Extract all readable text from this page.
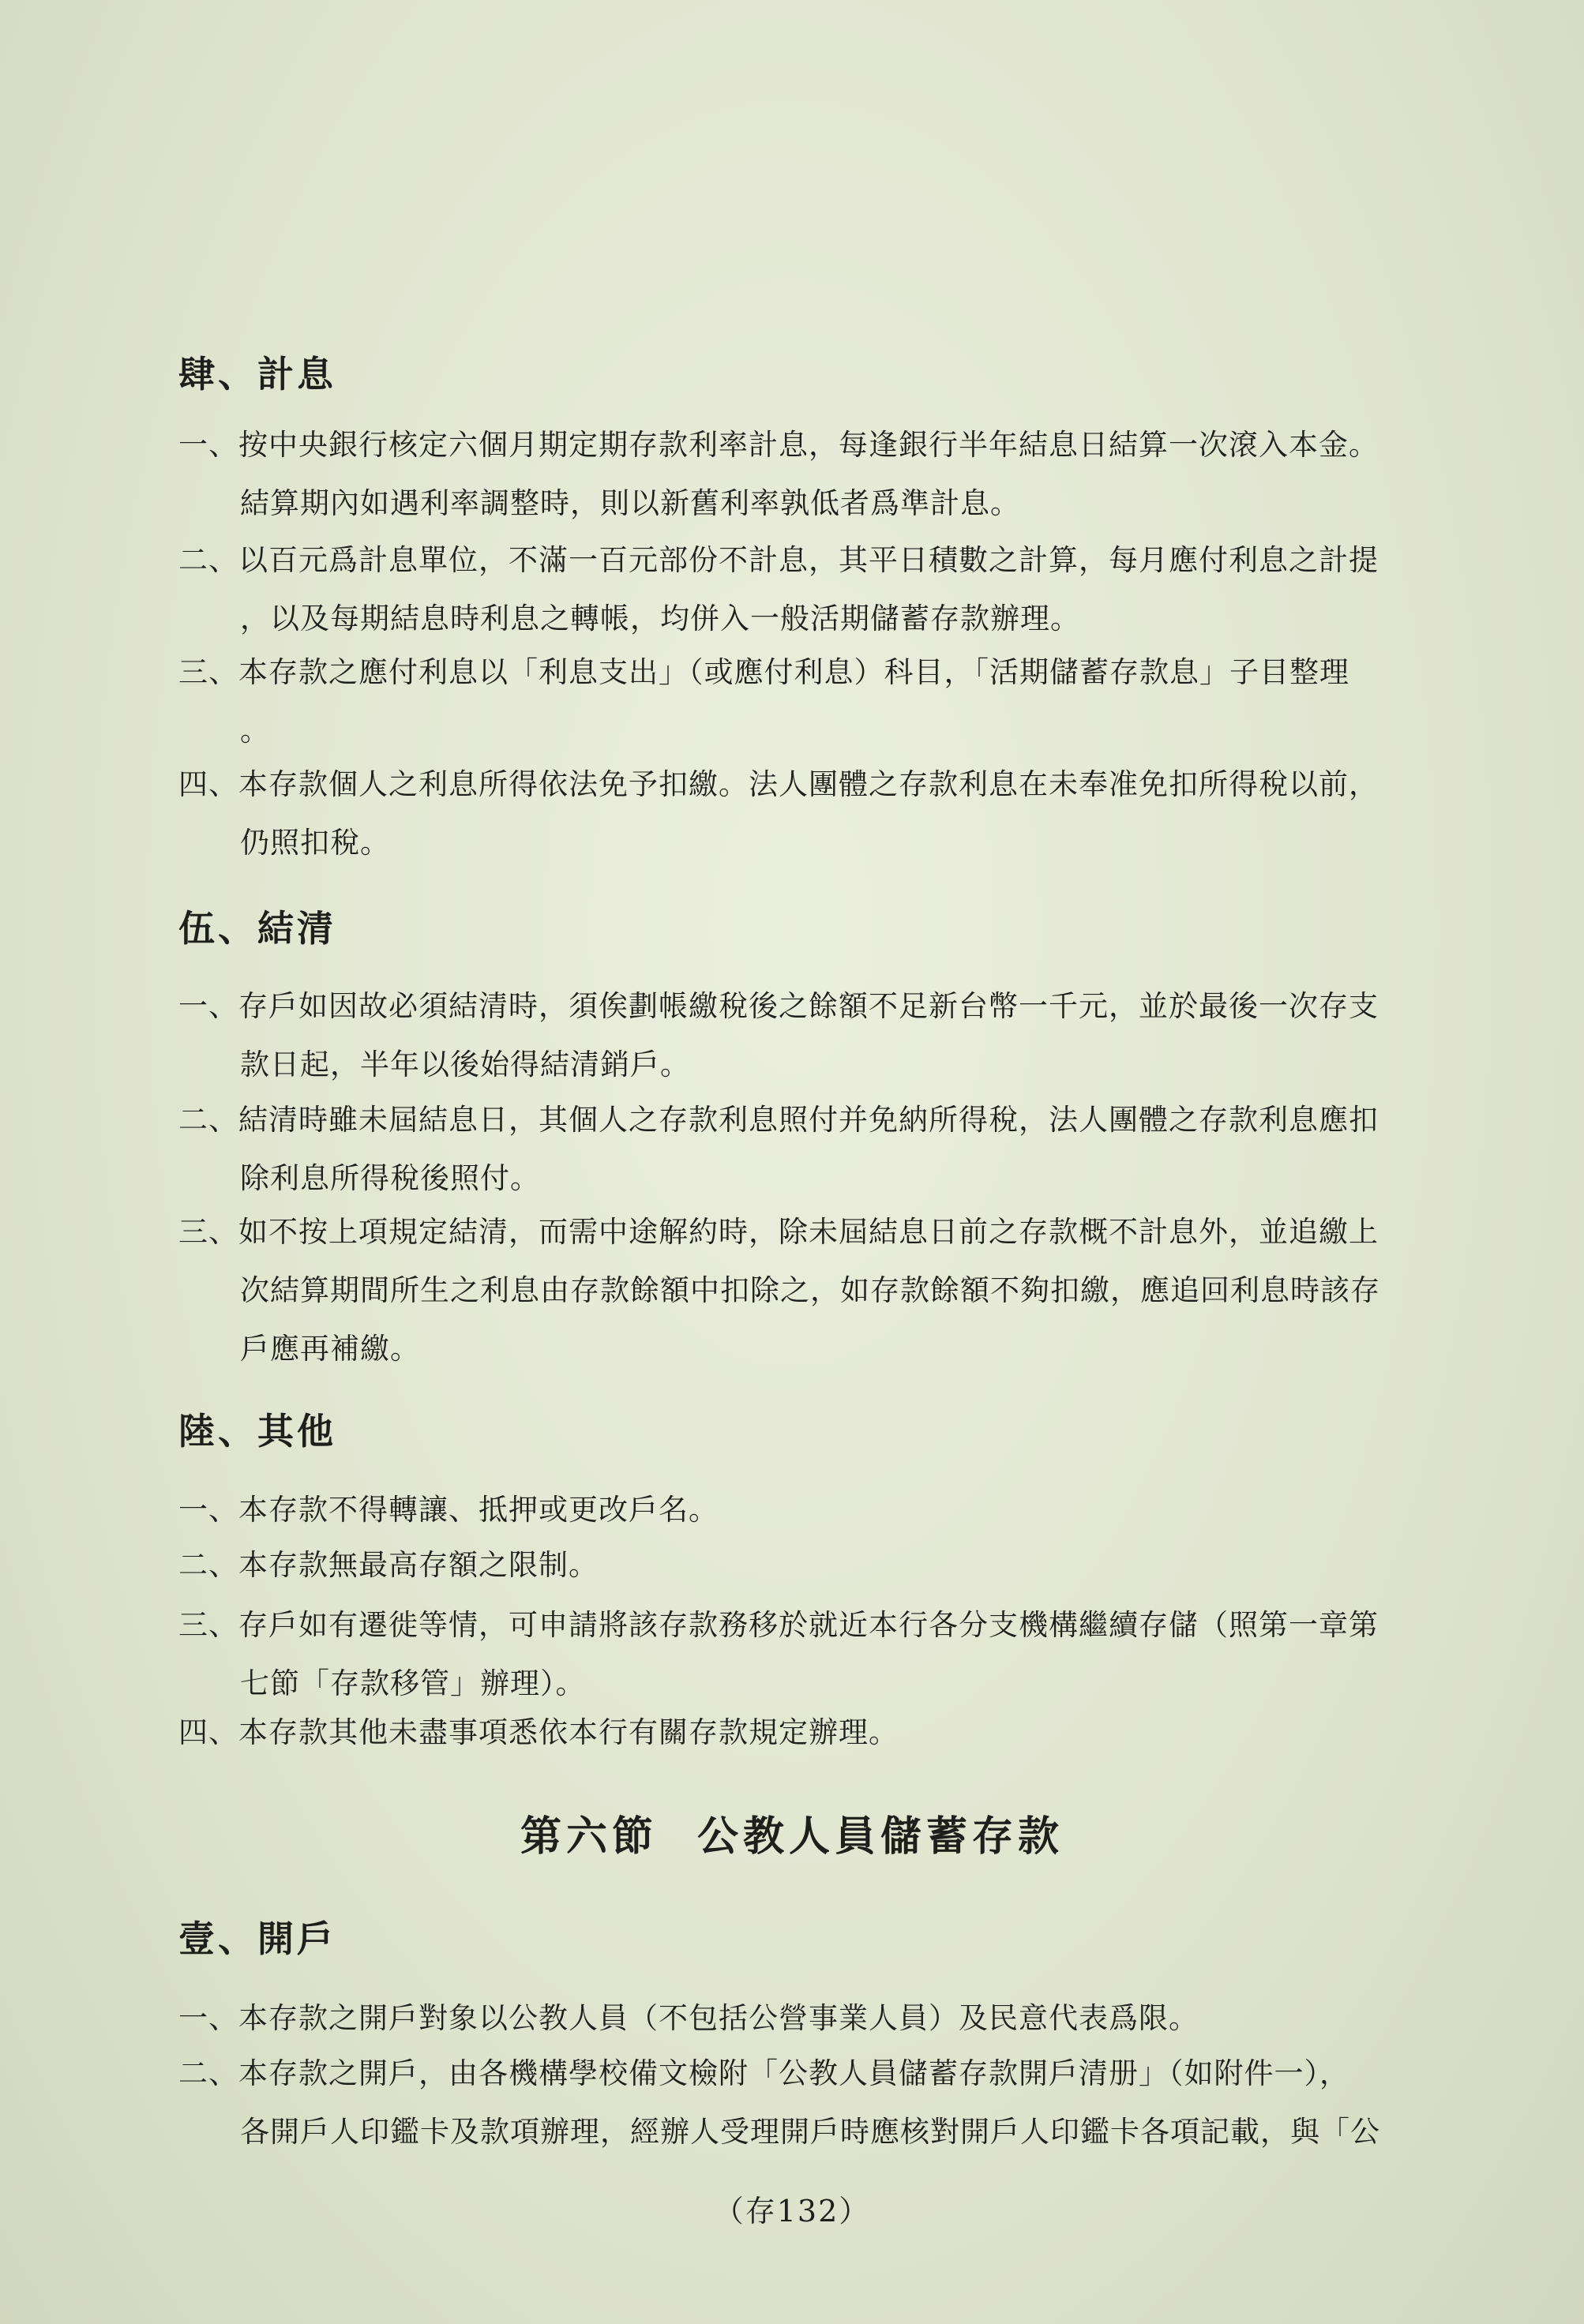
肆、計息
一、按中央銀行核定六個月期定期存款利率計息，每逢銀行半年結息日結算一次滾入本金。
結算期內如遇利率調整時，則以新舊利率孰低者爲準計息。
二、以百元爲計息單位，不滿一百元部份不計息，其平日積數之計算，每月應付利息之計提
，以及每期結息時利息之轉帳，均併入一般活期儲蓄存款辦理。
三、本存款之應付利息以「利息支出」（或應付利息）科目，「活期儲蓄存款息」子目整理
。
四、本存款個人之利息所得依法免予扣繳。法人團體之存款利息在未奉准免扣所得稅以前，
仍照扣稅。
伍、結清
一、存戶如因故必須結清時，須俟劃帳繳稅後之餘額不足新台幣一千元，並於最後一次存支
款日起，半年以後始得結清銷戶。
二、結清時雖未屆結息日，其個人之存款利息照付并免納所得稅，法人團體之存款利息應扣
除利息所得稅後照付。
三、如不按上項規定結清，而需中途解約時，除未屆結息日前之存款概不計息外，並追繳上
次結算期間所生之利息由存款餘額中扣除之，如存款餘額不夠扣繳，應追回利息時該存
戶應再補繳。
陸、其他
一、本存款不得轉讓、抵押或更改戶名。
二、本存款無最高存額之限制。
三、存戶如有遷徙等情，可申請將該存款務移於就近本行各分支機構繼續存儲（照第一章第
七節「存款移管」辦理）。
四、本存款其他未盡事項悉依本行有關存款規定辦理。
第六節 公教人員儲蓄存款
壹、開戶
一、本存款之開戶對象以公教人員（不包括公營事業人員）及民意代表爲限。
二、本存款之開戶，由各機構學校備文檢附「公教人員儲蓄存款開戶清册」（如附件一），
各開戶人印鑑卡及款項辦理，經辦人受理開戶時應核對開戶人印鑑卡各項記載，與「公
（存132）
